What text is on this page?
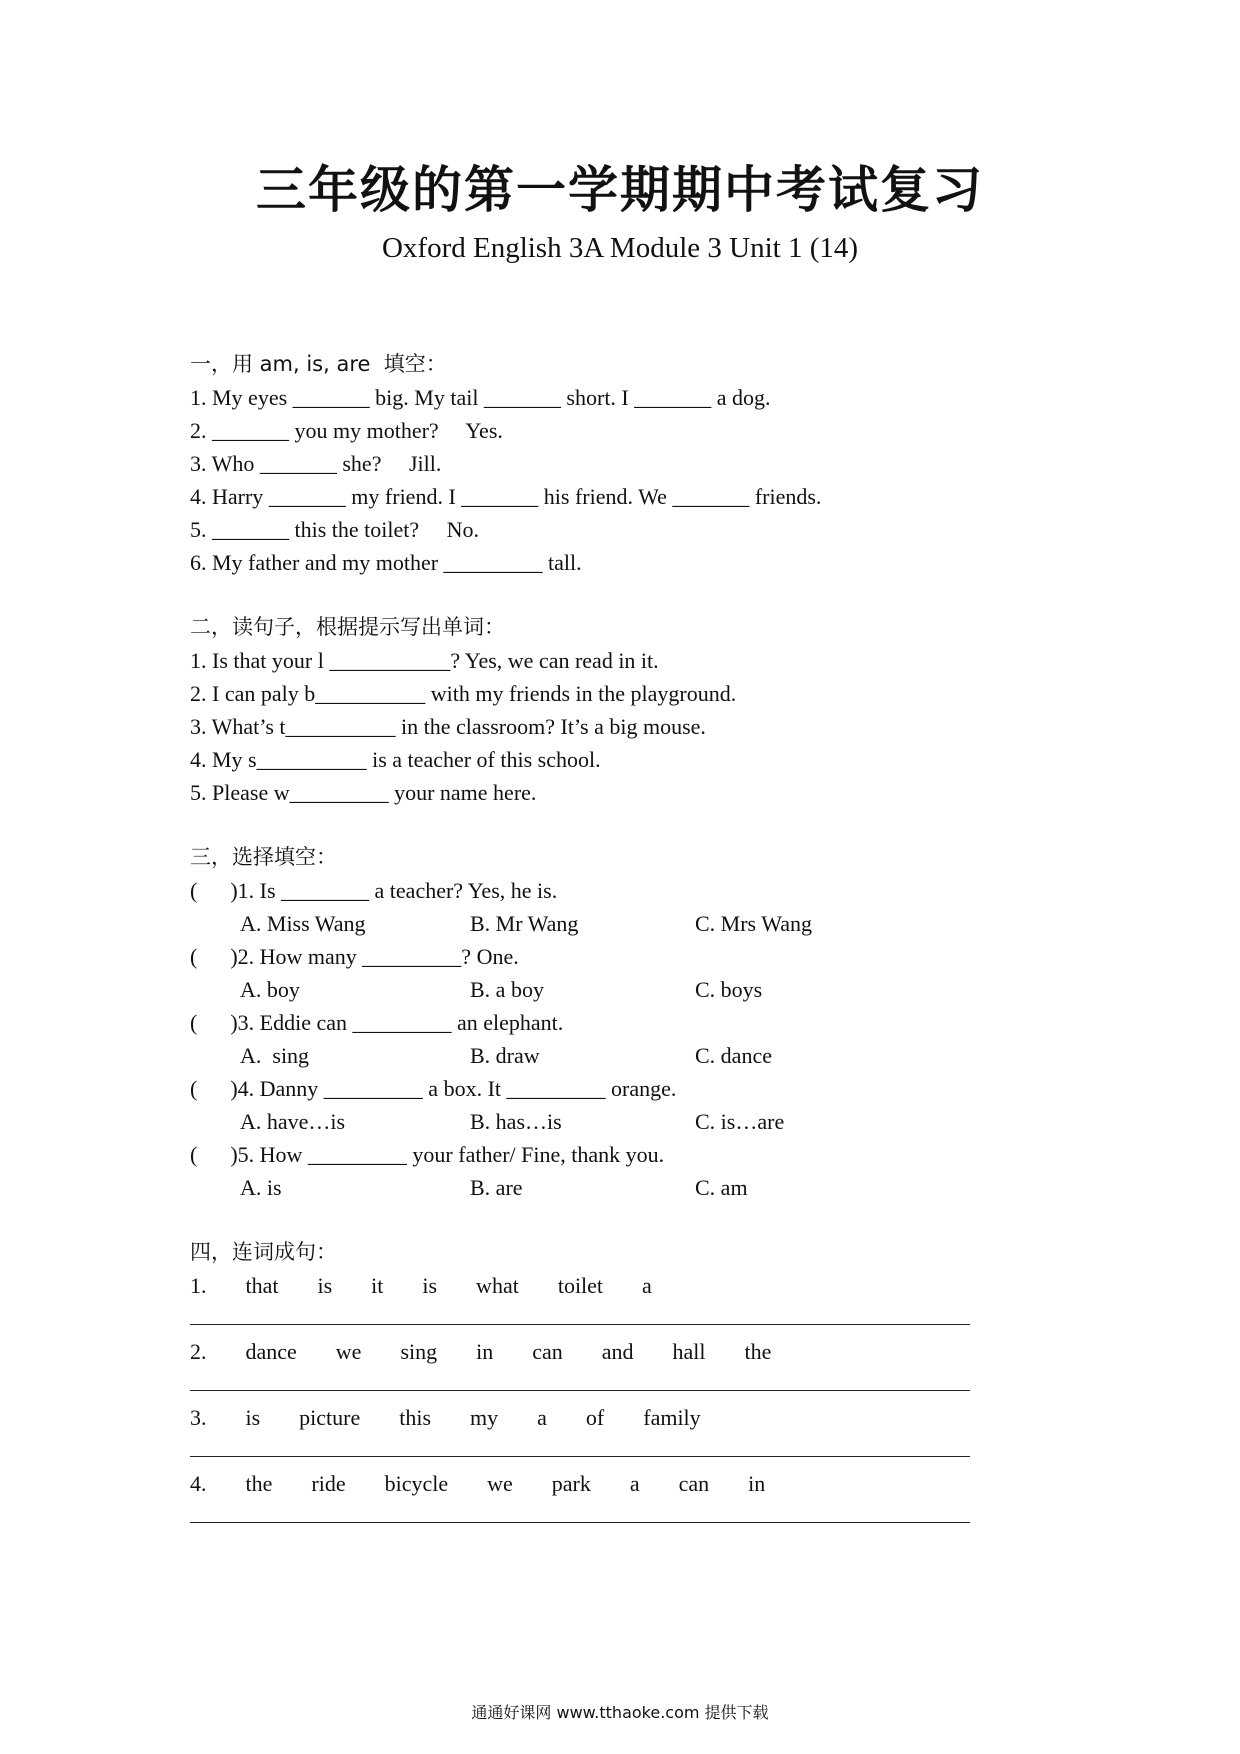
三年级的第一学期期中考试复习
Oxford English 3A Module 3 Unit 1 (14)
一，用 am, is, are  填空：
1. My eyes _______ big. My tail _______ short. I _______ a dog.
2. _______ you my mother?     Yes.
3. Who _______ she?     Jill.
4. Harry _______ my friend. I _______ his friend. We _______ friends.
5. _______ this the toilet?     No.
6. My father and my mother _________ tall.
二，读句子，根据提示写出单词：
1. Is that your l ___________? Yes, we can read in it.
2. I can paly b__________ with my friends in the playground.
3. What’s t__________ in the classroom? It’s a big mouse.
4. My s__________ is a teacher of this school.
5. Please w_________ your name here.
三，选择填空：
(      )1. Is ________ a teacher? Yes, he is.
A. Miss Wang	B. Mr Wang	C. Mrs Wang
(      )2. How many _________? One.
A. boy	B. a boy	C. boys
(      )3. Eddie can _________ an elephant.
A.  sing	B. draw	C. dance
(      )4. Danny _________ a box. It _________ orange.
A. have…is	B. has…is	C. is…are
(      )5. How _________ your father/ Fine, thank you.
A. is	B. are	C. am
四，连词成句：
1.  that  is  it  is  what  toilet  a
2.  dance  we  sing  in  can  and  hall  the
3.  is  picture  this  my  a  of  family
4.  the  ride  bicycle  we  park  a  can  in
通通好课网 www.tthaoke.com 提供下载
